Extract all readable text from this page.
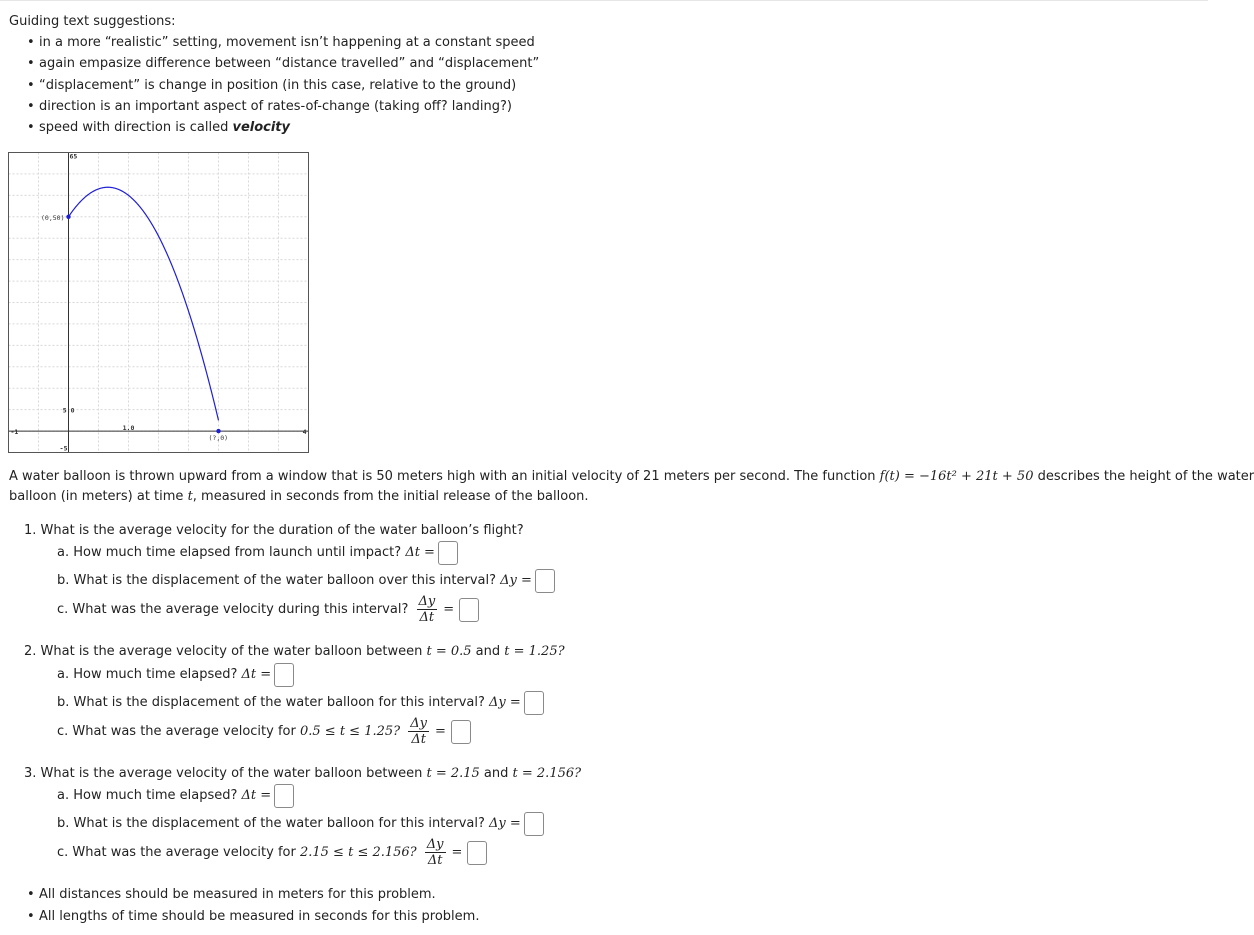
Guiding text suggestions:
• in a more “realistic” setting, movement isn’t happening at a constant speed
• again empasize difference between “distance travelled” and “displacement”
• “displacement” is change in position (in this case, relative to the ground)
• direction is an important aspect of rates-of-change (taking off? landing?)
• speed with direction is called velocity
(0,50)
(?,0)
-1	1.0	4
65
5.0
-5
A water balloon is thrown upward from a window that is 50 meters high with an initial velocity of 21 meters per second. The function f(t) = −16t² + 21t + 50 describes the height of the water
balloon (in meters) at time t, measured in seconds from the initial release of the balloon.
1. What is the average velocity for the duration of the water balloon’s flight?
a. How much time elapsed from launch until impact? Δt =
b. What is the displacement of the water balloon over this interval? Δy =
c. What was the average velocity during this interval? $\frac{\Delta y}{\Delta t}$ =
2. What is the average velocity of the water balloon between t = 0.5 and t = 1.25?
a. How much time elapsed? Δt =
b. What is the displacement of the water balloon for this interval? Δy =
c. What was the average velocity for 0.5 ≤ t ≤ 1.25? $\frac{\Delta y}{\Delta t}$ =
3. What is the average velocity of the water balloon between t = 2.15 and t = 2.156?
a. How much time elapsed? Δt =
b. What is the displacement of the water balloon for this interval? Δy =
c. What was the average velocity for 2.15 ≤ t ≤ 2.156? $\frac{\Delta y}{\Delta t}$ =
• All distances should be measured in meters for this problem.
• All lengths of time should be measured in seconds for this problem.
